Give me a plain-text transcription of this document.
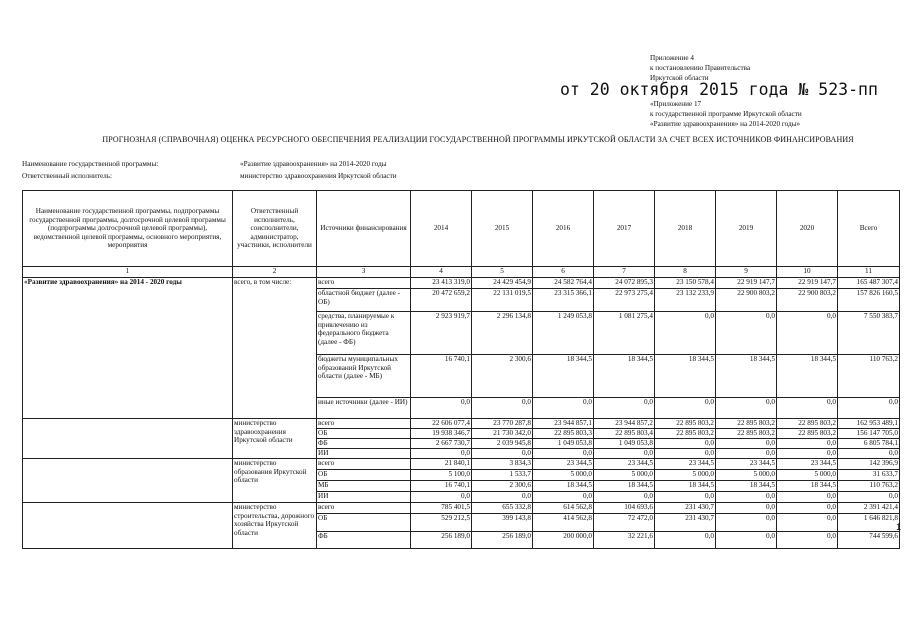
Приложение 4
к постановлению Правительства
Иркутской области
от 20 октября 2015 года № 523-пп
«Приложение 17
к государственной программе Иркутской области
«Развитие здравоохранения» на 2014-2020 годы»
ПРОГНОЗНАЯ (СПРАВОЧНАЯ) ОЦЕНКА РЕСУРСНОГО ОБЕСПЕЧЕНИЯ РЕАЛИЗАЦИИ ГОСУДАРСТВЕННОЙ ПРОГРАММЫ ИРКУТСКОЙ ОБЛАСТИ ЗА СЧЕТ ВСЕХ ИСТОЧНИКОВ ФИНАНСИРОВАНИЯ
Наименование государственной программы:	«Развитие здравоохранения» на 2014-2020 годы
Ответственный исполнитель:	министерство здравоохранения Иркутской области
Наименование государственной программы, подпрограммы государственной программы, долгосрочной целевой программы (подпрограммы долгосрочной целевой программы), ведомственной целевой программы, основного мероприятия, мероприятия	Ответственный исполнитель, соисполнители, администратор, участники, исполнители	Источники финансирования	2014	2015	2016	2017	2018	2019	2020	Всего
1	2	3	4	5	6	7	8	9	10	11
«Развитие здравоохранения» на 2014 - 2020 годы	всего, в том числе:	всего	23 413 319,0	24 429 454,9	24 582 764,4	24 072 895,3	23 150 578,4	22 919 147,7	22 919 147,7	165 487 307,4
		областной бюджет (далее - ОБ)	20 472 659,2	22 131 019,5	23 315 366,1	22 973 275,4	23 132 233,9	22 900 803,2	22 900 803,2	157 826 160,5
		средства, планируемые к привлечению из федерального бюджета (далее - ФБ)	2 923 919,7	2 296 134,8	1 249 053,8	1 081 275,4	0,0	0,0	0,0	7 550 383,7
		бюджеты муниципальных образований Иркутской области (далее - МБ)	16 740,1	2 300,6	18 344,5	18 344,5	18 344,5	18 344,5	18 344,5	110 763,2
		иные источники (далее - ИИ)	0,0	0,0	0,0	0,0	0,0	0,0	0,0	0,0
	министерство здравоохранения Иркутской области	всего	22 606 077,4	23 770 287,8	23 944 857,1	23 944 857,2	22 895 803,2	22 895 803,2	22 895 803,2	162 953 489,1
		ОБ	19 938 346,7	21 730 342,0	22 895 803,3	22 895 803,4	22 895 803,2	22 895 803,2	22 895 803,2	156 147 705,0
		ФБ	2 667 730,7	2 039 945,8	1 049 053,8	1 049 053,8	0,0	0,0	0,0	6 805 784,1
		ИИ	0,0	0,0	0,0	0,0	0,0	0,0	0,0	0,0
	министерство образования Иркутской области	всего	21 840,1	3 834,3	23 344,5	23 344,5	23 344,5	23 344,5	23 344,5	142 396,9
		ОБ	5 100,0	1 533,7	5 000,0	5 000,0	5 000,0	5 000,0	5 000,0	31 633,7
		МБ	16 740,1	2 300,6	18 344,5	18 344,5	18 344,5	18 344,5	18 344,5	110 763,2
		ИИ	0,0	0,0	0,0	0,0	0,0	0,0	0,0	0,0
	министерство строительства, дорожного хозяйства Иркутской области	всего	785 401,5	655 332,8	614 562,8	104 693,6	231 430,7	0,0	0,0	2 391 421,4
		ОБ	529 212,5	399 143,8	414 562,8	72 472,0	231 430,7	0,0	0,0	1 646 821,8
		ФБ	256 189,0	256 189,0	200 000,0	32 221,6	0,0	0,0	0,0	744 599,6
1
